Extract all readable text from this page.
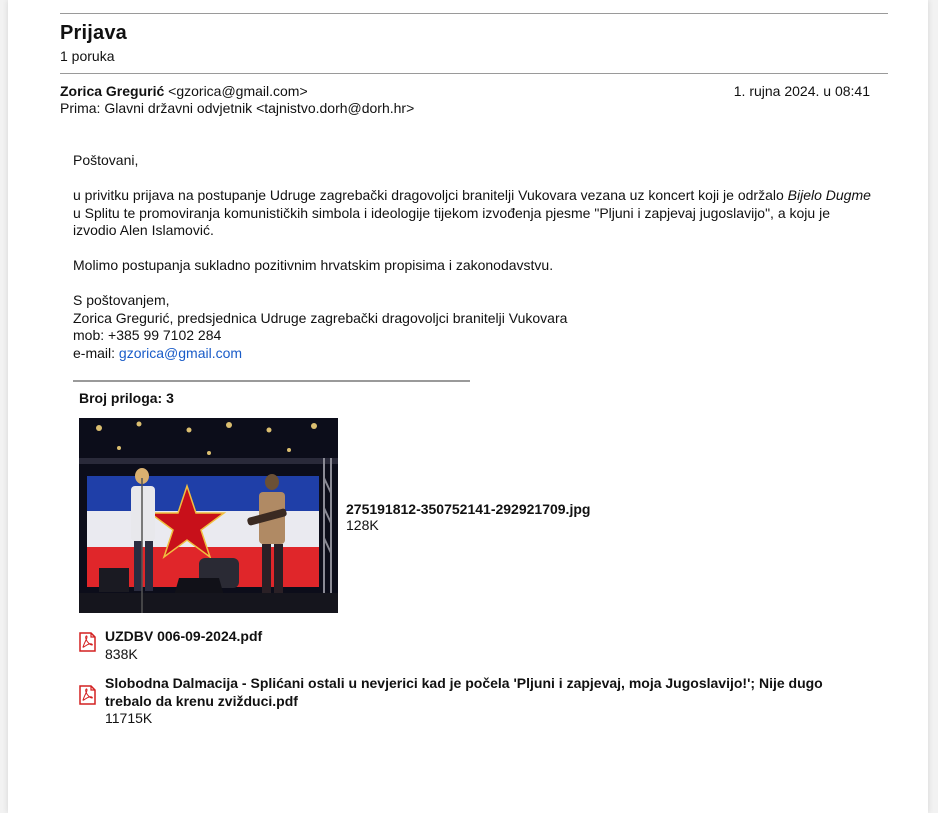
Prijava
1 poruka
Zorica Gregurić <gzorica@gmail.com>	1. rujna 2024. u 08:41
Prima: Glavni državni odvjetnik <tajnistvo.dorh@dorh.hr>

Poštovani,

u privitku prijava na postupanje Udruge zagrebački dragovoljci branitelji Vukovara vezana uz koncert koji je održalo Bijelo Dugme u Splitu te promoviranja komunističkih simbola i ideologije tijekom izvođenja pjesme "Pljuni i zapjevaj jugoslavijo", a koju je izvodio Alen Islamović.

Molimo postupanja sukladno pozitivnim hrvatskim propisima i zakonodavstvu.

S poštovanjem,
Zorica Gregurić, predsjednica Udruge zagrebački dragovoljci branitelji Vukovara
mob: +385 99 7102 284
e-mail: gzorica@gmail.com
Broj priloga: 3
275191812-350752141-292921709.jpg
128K
UZDBV 006-09-2024.pdf
838K
Slobodna Dalmacija - Splićani ostali u nevjerici kad je počela 'Pljuni i zapjevaj, moja Jugoslavijo!'; Nije dugo trebalo da krenu zvižduci.pdf
11715K
